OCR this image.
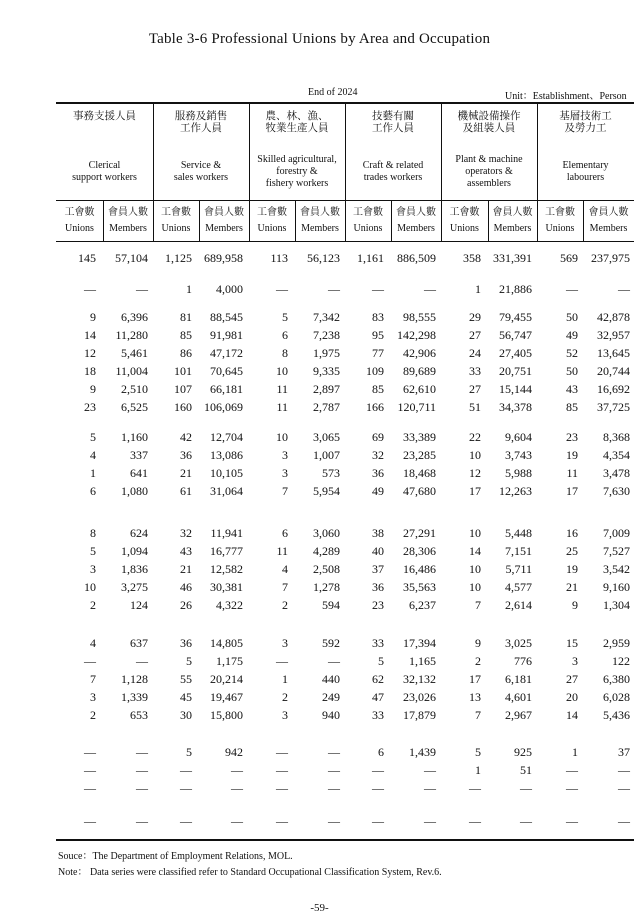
Table 3-6 Professional Unions by Area and Occupation
End of 2024	Unit：Establishment、Person
事務支援人員
Clerical
support workers
服務及銷售
工作人員
Service &
sales workers
農、林、漁、
牧業生產人員
Skilled agricultural,
forestry &
fishery workers
技藝有關
工作人員
Craft & related
trades workers
機械設備操作
及組裝人員
Plant & machine
operators &
assemblers
基層技術工
及勞力工
Elementary
labourers
工會數
Unions
會員人數
Members
工會數
Unions
會員人數
Members
工會數
Unions
會員人數
Members
工會數
Unions
會員人數
Members
工會數
Unions
會員人數
Members
工會數
Unions
會員人數
Members
145	57,104	1,125	689,958	113	56,123	1,161	886,509	358	331,391	569	237,975
—	—	1	4,000	—	—	—	—	1	21,886	—	—
9	6,396	81	88,545	5	7,342	83	98,555	29	79,455	50	42,878
14	11,280	85	91,981	6	7,238	95	142,298	27	56,747	49	32,957
12	5,461	86	47,172	8	1,975	77	42,906	24	27,405	52	13,645
18	11,004	101	70,645	10	9,335	109	89,689	33	20,751	50	20,744
9	2,510	107	66,181	11	2,897	85	62,610	27	15,144	43	16,692
23	6,525	160	106,069	11	2,787	166	120,711	51	34,378	85	37,725
5	1,160	42	12,704	10	3,065	69	33,389	22	9,604	23	8,368
4	337	36	13,086	3	1,007	32	23,285	10	3,743	19	4,354
1	641	21	10,105	3	573	36	18,468	12	5,988	11	3,478
6	1,080	61	31,064	7	5,954	49	47,680	17	12,263	17	7,630
8	624	32	11,941	6	3,060	38	27,291	10	5,448	16	7,009
5	1,094	43	16,777	11	4,289	40	28,306	14	7,151	25	7,527
3	1,836	21	12,582	4	2,508	37	16,486	10	5,711	19	3,542
10	3,275	46	30,381	7	1,278	36	35,563	10	4,577	21	9,160
2	124	26	4,322	2	594	23	6,237	7	2,614	9	1,304
4	637	36	14,805	3	592	33	17,394	9	3,025	15	2,959
—	—	5	1,175	—	—	5	1,165	2	776	3	122
7	1,128	55	20,214	1	440	62	32,132	17	6,181	27	6,380
3	1,339	45	19,467	2	249	47	23,026	13	4,601	20	6,028
2	653	30	15,800	3	940	33	17,879	7	2,967	14	5,436
—	—	5	942	—	—	6	1,439	5	925	1	37
—	—	—	—	—	—	—	—	1	51	—	—
—	—	—	—	—	—	—	—	—	—	—	—
—	—	—	—	—	—	—	—	—	—	—	—
Souce：The Department of Employment Relations, MOL.
Note： Data series were classified refer to Standard Occupational Classification System, Rev.6.
-59-
